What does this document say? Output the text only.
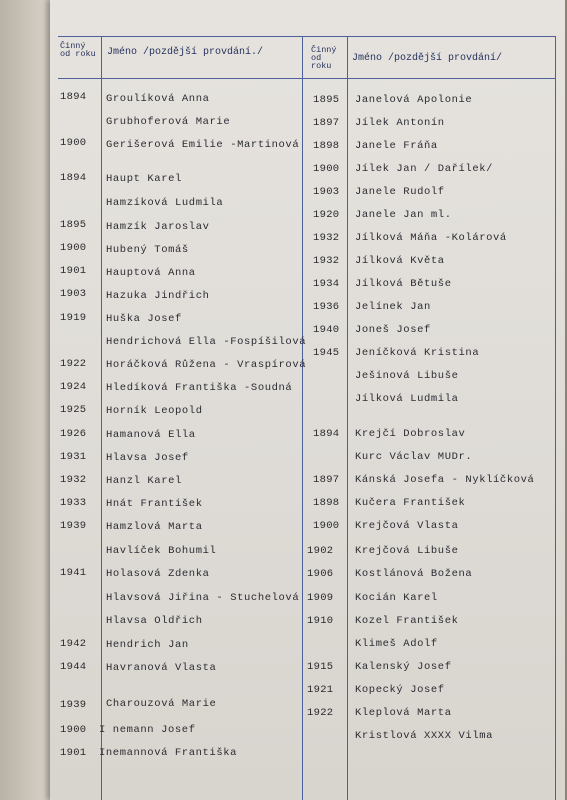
Činný od roku	Jméno /pozdější provdání./	Činný od roku
Jméno /pozdější provdání/
1894 Groulíková Anna
Grubhoferová Marie
1900 Gerišerová Emilie -Martinová
1894 Haupt Karel
Hamzíková Ludmila
1895 Hamzík Jaroslav
1900 Hubený Tomáš
1901 Hauptová Anna
1903 Hazuka Jindřich
1919 Huška Josef
Hendrichová Ella -Fospíšilová
1922 Horáčková Růžena - Vraspírová
1924 Hledíková Františka -Soudná
1925 Horník Leopold
1926 Hamanová Ella
1931 Hlavsa Josef
1932 Hanzl Karel
1933 Hnát František
1939 Hamzlová Marta
Havlíček Bohumil
1941 Holasová Zdenka
Hlavsová Jiřina - Stuchelová
Hlavsa Oldřich
1942 Hendrich Jan
1944 Havranová Vlasta
1939 Charouzová Marie
1900 I nemann Josef
1901 Inemannová Františka
1895 Janelová Apolonie
1897 Jílek Antonín
1898 Janele Fráňa
1900 Jílek Jan / Dařílek/
1903 Janele Rudolf
1920 Janele Jan ml.
1932 Jílková Máňa -Kolárová
1932 Jílková Květa
1934 Jílková Bětuše
1936 Jelínek Jan
1940 Joneš Josef
1945 Jeníčková Kristina
Ješinová Libuše
Jílková Ludmila
1894 Krejčí Dobroslav
Kurc Václav MUDr.
1897 Kánská Josefa - Nyklíčková
1898 Kučera František
1900 Krejčová Vlasta
1902 Krejčová Libuše
1906 Kostlánová Božena
1909 Kocián Karel
1910 Kozel František
Klimeš Adolf
1915 Kalenský Josef
1921 Kopecký Josef
1922 Kleplová Marta
Kristlová XXXX Vilma
